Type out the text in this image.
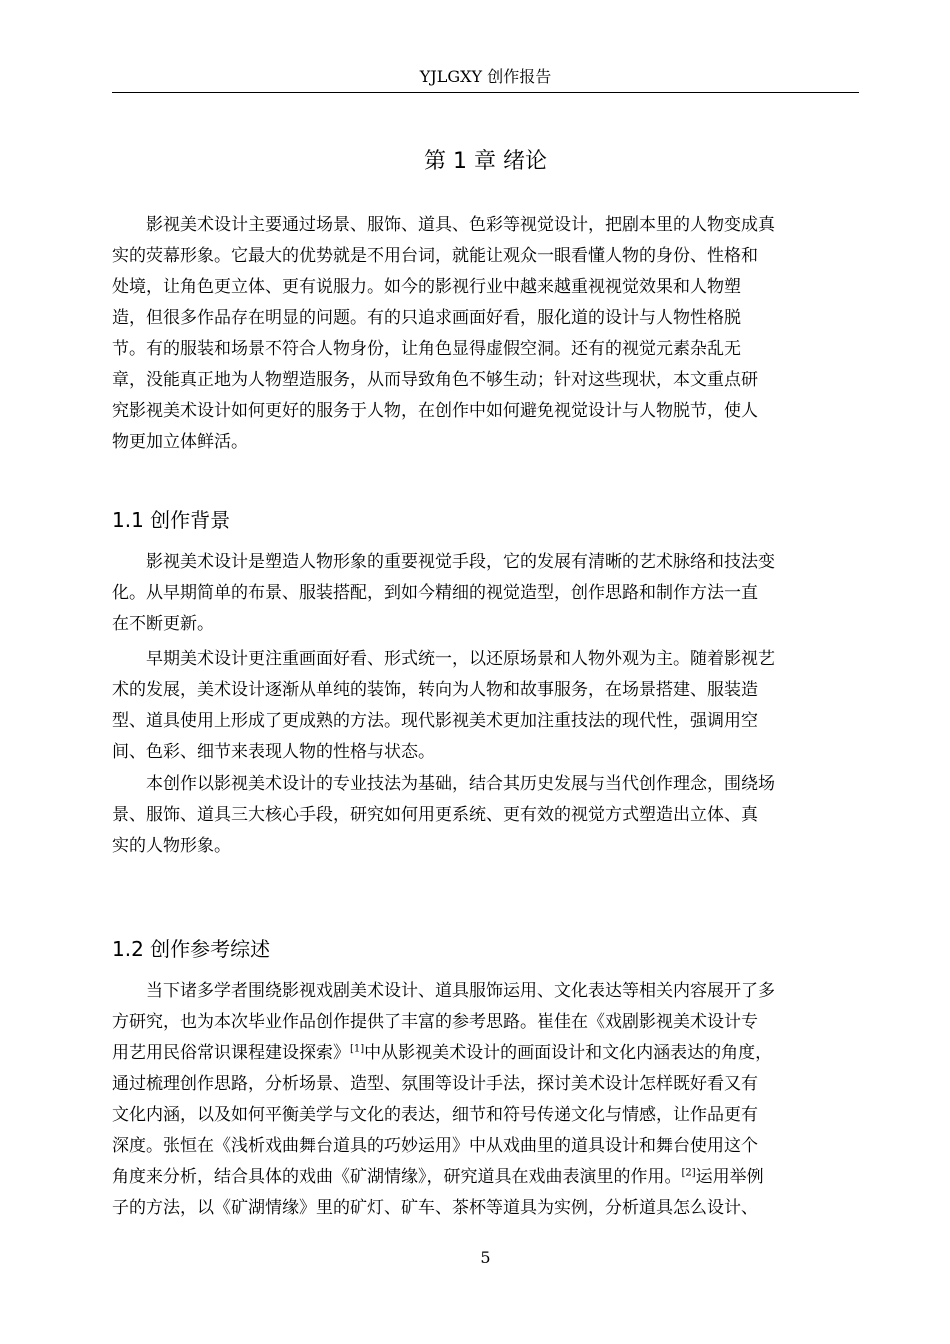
YJLGXY 创作报告
第 1 章 绪论
影视美术设计主要通过场景、服饰、道具、色彩等视觉设计，把剧本里的人物变成真
实的荧幕形象。它最大的优势就是不用台词，就能让观众一眼看懂人物的身份、性格和
处境，让角色更立体、更有说服力。如今的影视行业中越来越重视视觉效果和人物塑
造，但很多作品存在明显的问题。有的只追求画面好看，服化道的设计与人物性格脱
节。有的服装和场景不符合人物身份，让角色显得虚假空洞。还有的视觉元素杂乱无
章，没能真正地为人物塑造服务，从而导致角色不够生动；针对这些现状，本文重点研
究影视美术设计如何更好的服务于人物，在创作中如何避免视觉设计与人物脱节，使人
物更加立体鲜活。
1.1 创作背景
影视美术设计是塑造人物形象的重要视觉手段，它的发展有清晰的艺术脉络和技法变
化。从早期简单的布景、服装搭配，到如今精细的视觉造型，创作思路和制作方法一直
在不断更新。
早期美术设计更注重画面好看、形式统一，以还原场景和人物外观为主。随着影视艺
术的发展，美术设计逐渐从单纯的装饰，转向为人物和故事服务，在场景搭建、服装造
型、道具使用上形成了更成熟的方法。现代影视美术更加注重技法的现代性，强调用空
间、色彩、细节来表现人物的性格与状态。
本创作以影视美术设计的专业技法为基础，结合其历史发展与当代创作理念，围绕场
景、服饰、道具三大核心手段，研究如何用更系统、更有效的视觉方式塑造出立体、真
实的人物形象。
1.2 创作参考综述
当下诸多学者围绕影视戏剧美术设计、道具服饰运用、文化表达等相关内容展开了多
方研究，也为本次毕业作品创作提供了丰富的参考思路。崔佳在《戏剧影视美术设计专
用艺用民俗常识课程建设探索》[1]中从影视美术设计的画面设计和文化内涵表达的角度，
通过梳理创作思路，分析场景、造型、氛围等设计手法，探讨美术设计怎样既好看又有
文化内涵，以及如何平衡美学与文化的表达，细节和符号传递文化与情感，让作品更有
深度。张恒在《浅析戏曲舞台道具的巧妙运用》中从戏曲里的道具设计和舞台使用这个
角度来分析，结合具体的戏曲《矿湖情缘》，研究道具在戏曲表演里的作用。[2]运用举例
子的方法，以《矿湖情缘》里的矿灯、矿车、茶杯等道具为实例，分析道具怎么设计、
5
